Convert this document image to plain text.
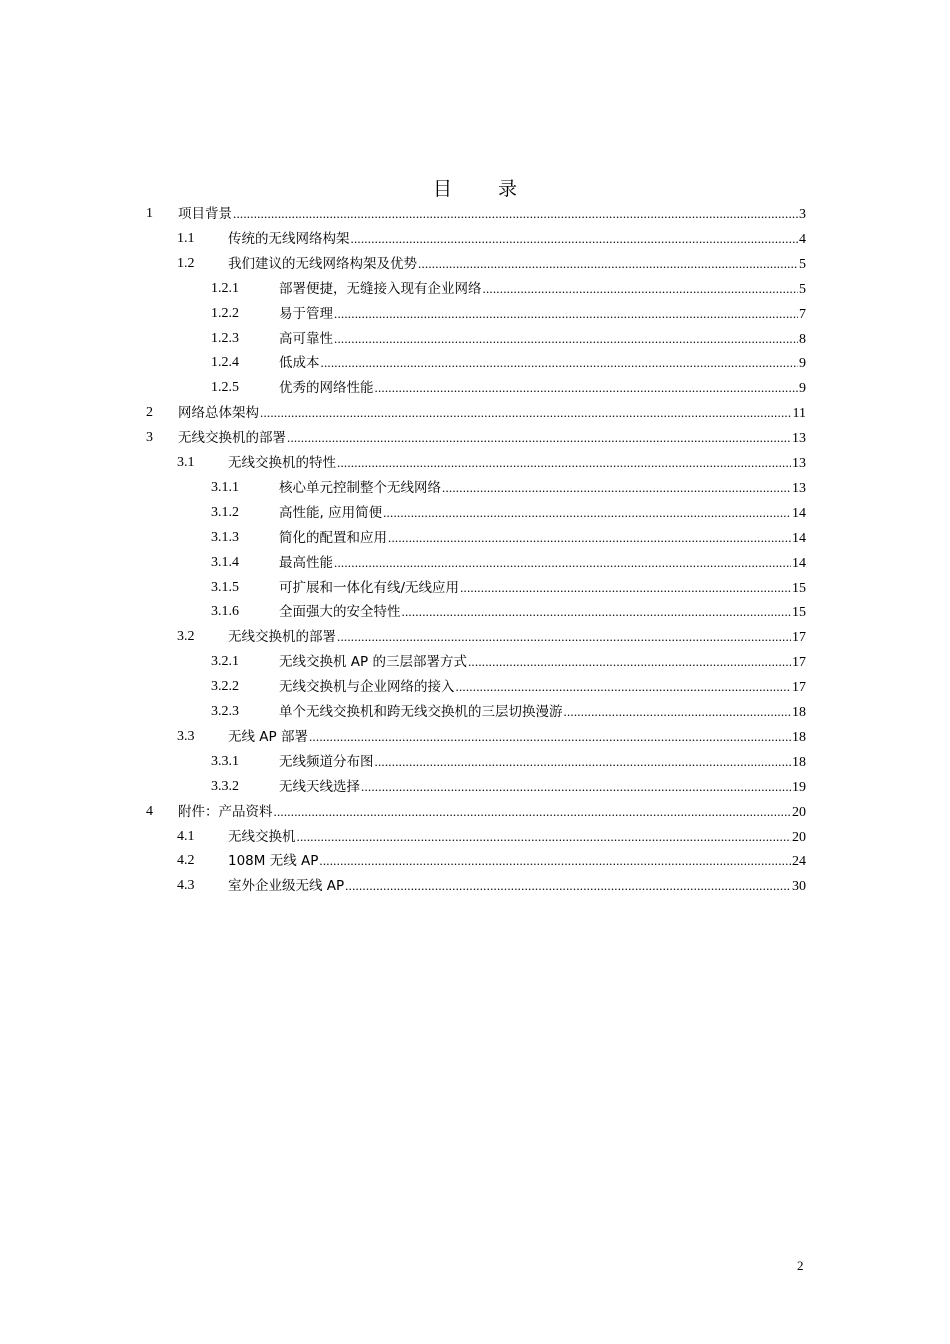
目 录
1 项目背景 .....	3
1.1 传统的无线网络构架 .....	4
1.2 我们建议的无线网络构架及优势 .....	5
1.2.1	部署便捷，无缝接入现有企业网络 .....	5
1.2.2	易于管理 .....	7
1.2.3	高可靠性 .....	8
1.2.4	低成本 .....	9
1.2.5	优秀的网络性能 .....	9
2 网络总体架构 .....	11
3 无线交换机的部署 .....	13
3.1 无线交换机的特性 .....	13
3.1.1	核心单元控制整个无线网络 .....	13
3.1.2	高性能, 应用简便 .....	14
3.1.3	简化的配置和应用 .....	14
3.1.4	最高性能 .....	14
3.1.5	可扩展和一体化有线/无线应用 .....	15
3.1.6	全面强大的安全特性 .....	15
3.2 无线交换机的部署 .....	17
3.2.1	无线交换机 AP 的三层部署方式 .....	17
3.2.2	无线交换机与企业网络的接入 .....	17
3.2.3	单个无线交换机和跨无线交换机的三层切换漫游 .....	18
3.3 无线 AP 部署 .....	18
3.3.1	无线频道分布图 .....	18
3.3.2	无线天线选择 .....	19
4 附件：产品资料 .....	20
4.1 无线交换机 .....	20
4.2 108M 无线 AP .....	24
4.3 室外企业级无线 AP .....	30
2
